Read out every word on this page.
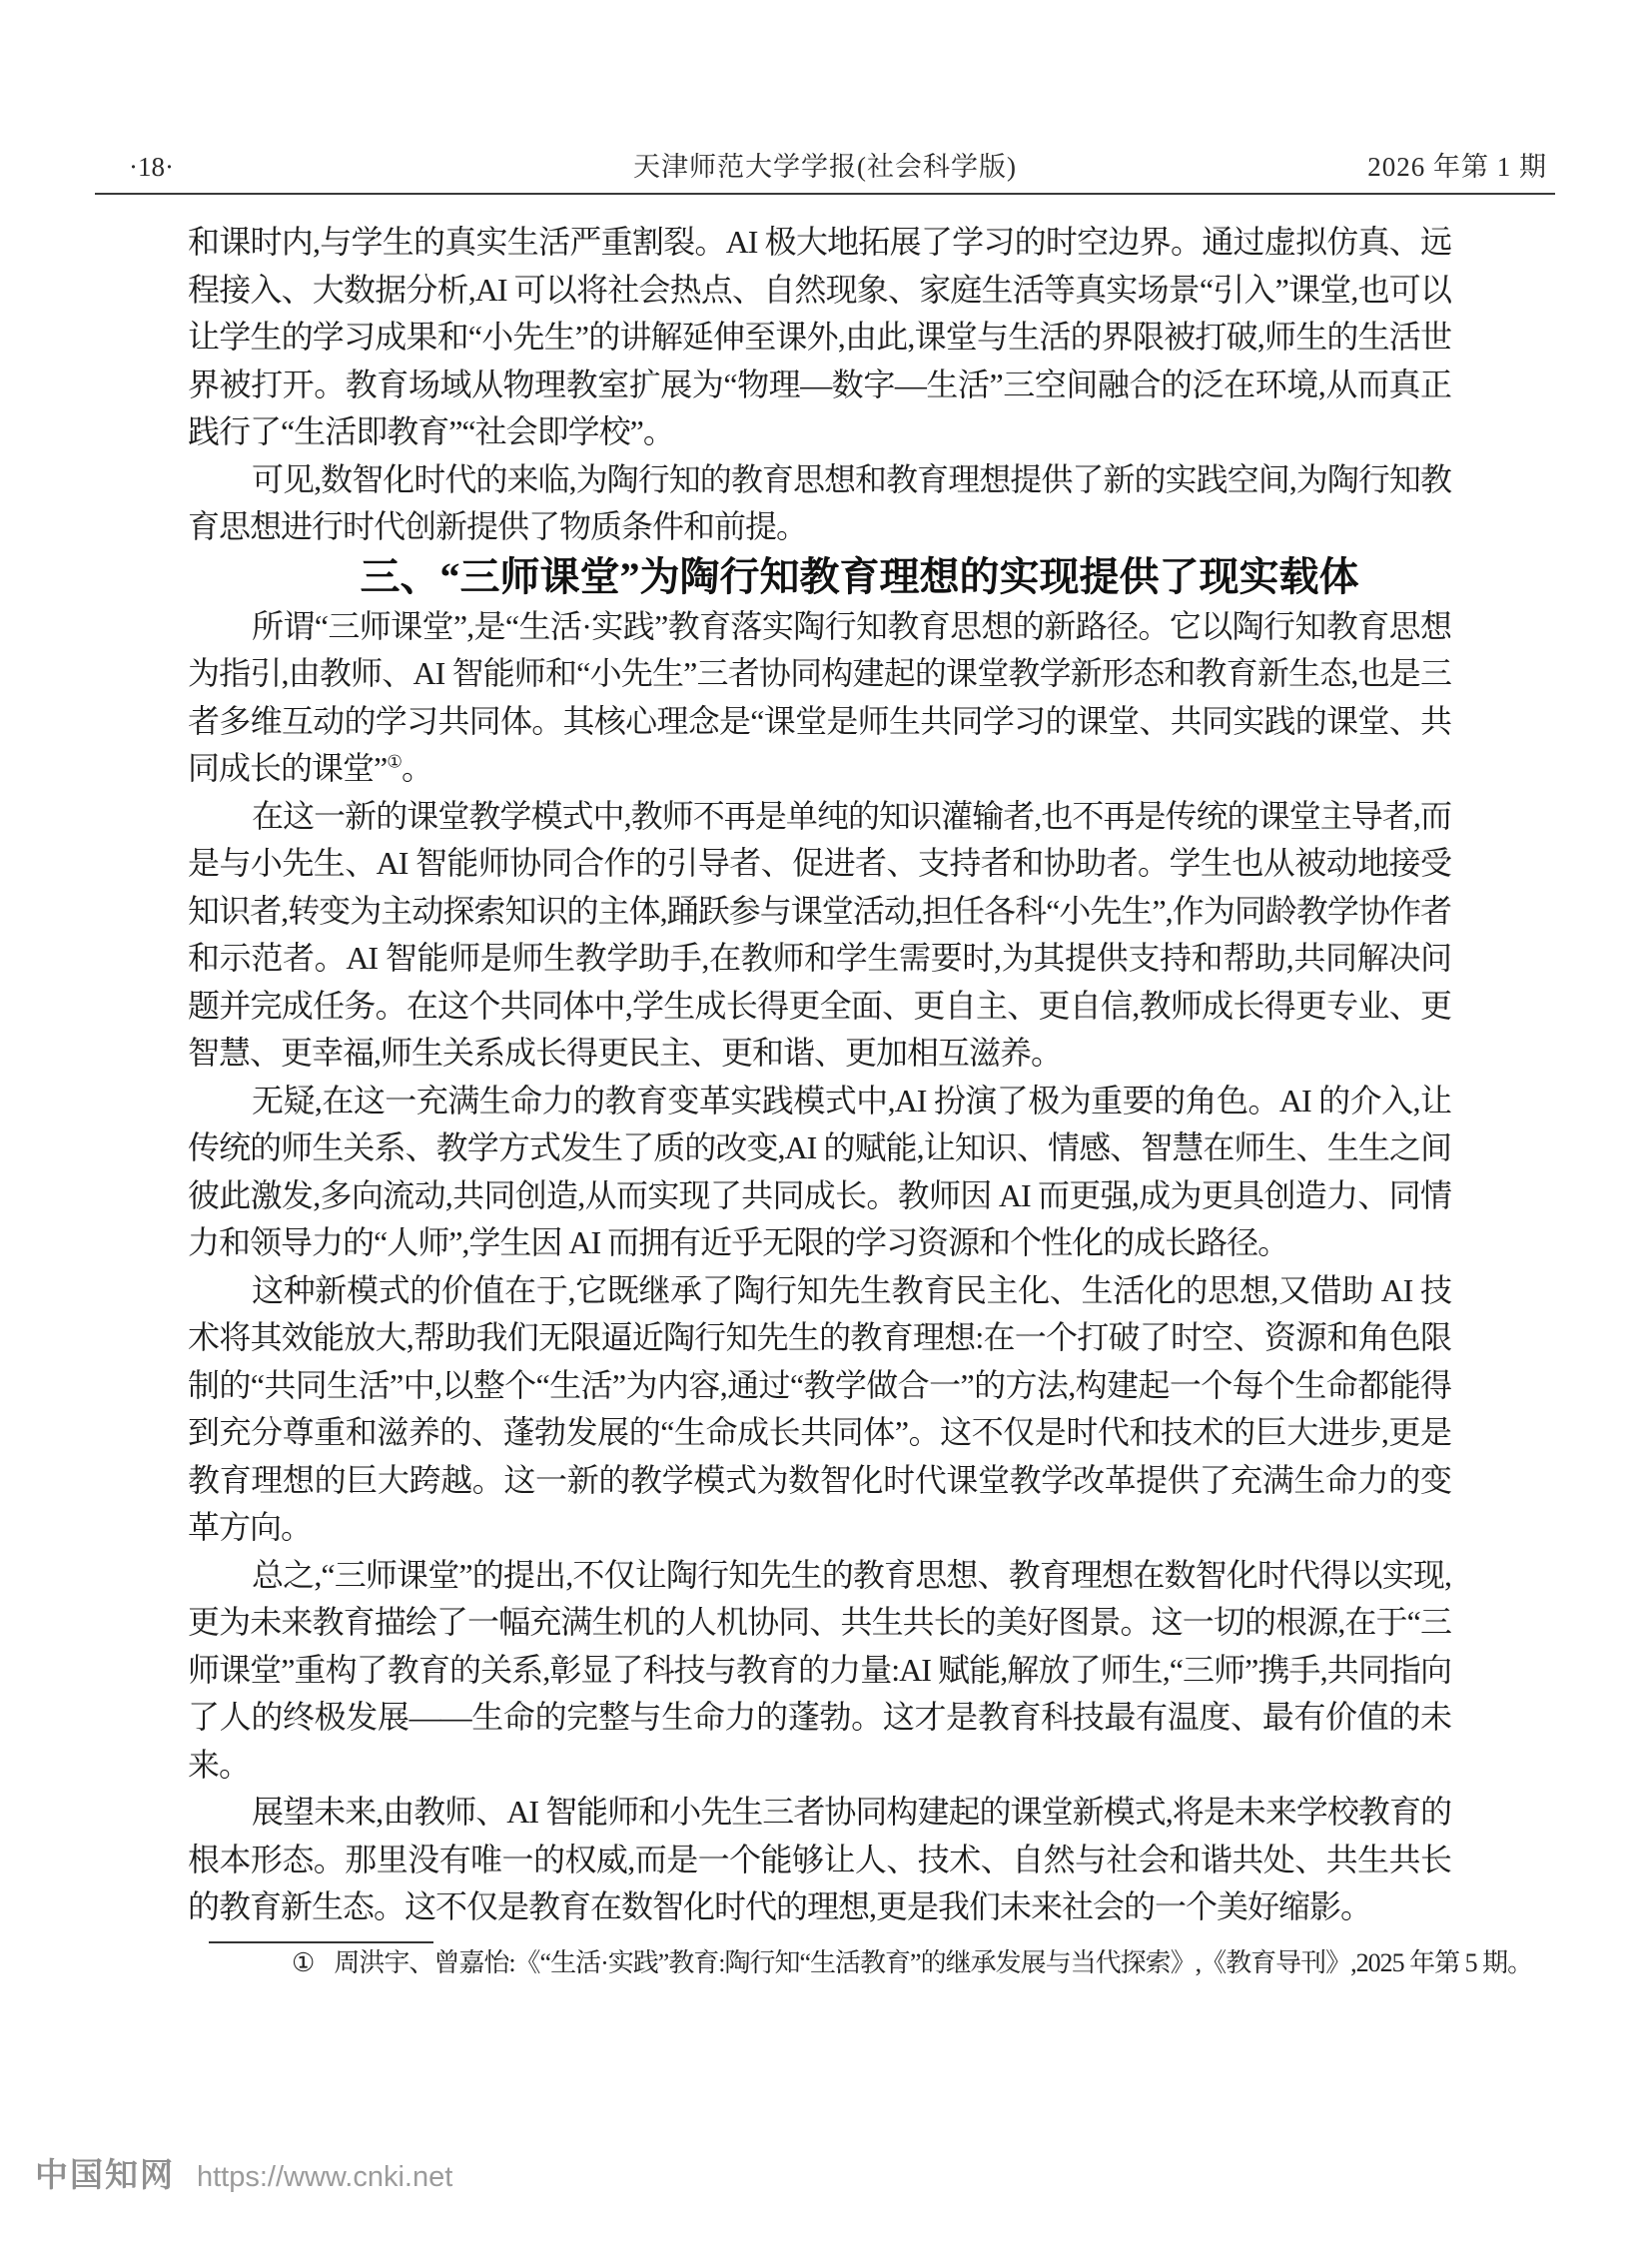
·18·	天津师范大学学报(社会科学版)	2026 年第 1 期

和课时内,与学生的真实生活严重割裂。AI 极大地拓展了学习的时空边界。通过虚拟仿真、远程接入、大数据分析,AI 可以将社会热点、自然现象、家庭生活等真实场景“引入”课堂,也可以让学生的学习成果和“小先生”的讲解延伸至课外,由此,课堂与生活的界限被打破,师生的生活世界被打开。教育场域从物理教室扩展为“物理—数字—生活”三空间融合的泛在环境,从而真正践行了“生活即教育”“社会即学校”。

可见,数智化时代的来临,为陶行知的教育思想和教育理想提供了新的实践空间,为陶行知教育思想进行时代创新提供了物质条件和前提。

三、“三师课堂”为陶行知教育理想的实现提供了现实载体

所谓“三师课堂”,是“生活·实践”教育落实陶行知教育思想的新路径。它以陶行知教育思想为指引,由教师、AI 智能师和“小先生”三者协同构建起的课堂教学新形态和教育新生态,也是三者多维互动的学习共同体。其核心理念是“课堂是师生共同学习的课堂、共同实践的课堂、共同成长的课堂”①。

在这一新的课堂教学模式中,教师不再是单纯的知识灌输者,也不再是传统的课堂主导者,而是与小先生、AI 智能师协同合作的引导者、促进者、支持者和协助者。学生也从被动地接受知识者,转变为主动探索知识的主体,踊跃参与课堂活动,担任各科“小先生”,作为同龄教学协作者和示范者。AI 智能师是师生教学助手,在教师和学生需要时,为其提供支持和帮助,共同解决问题并完成任务。在这个共同体中,学生成长得更全面、更自主、更自信,教师成长得更专业、更智慧、更幸福,师生关系成长得更民主、更和谐、更加相互滋养。

无疑,在这一充满生命力的教育变革实践模式中,AI 扮演了极为重要的角色。AI 的介入,让传统的师生关系、教学方式发生了质的改变,AI 的赋能,让知识、情感、智慧在师生、生生之间彼此激发,多向流动,共同创造,从而实现了共同成长。教师因 AI 而更强,成为更具创造力、同情力和领导力的“人师”,学生因 AI 而拥有近乎无限的学习资源和个性化的成长路径。

这种新模式的价值在于,它既继承了陶行知先生教育民主化、生活化的思想,又借助 AI 技术将其效能放大,帮助我们无限逼近陶行知先生的教育理想:在一个打破了时空、资源和角色限制的“共同生活”中,以整个“生活”为内容,通过“教学做合一”的方法,构建起一个每个生命都能得到充分尊重和滋养的、蓬勃发展的“生命成长共同体”。这不仅是时代和技术的巨大进步,更是教育理想的巨大跨越。这一新的教学模式为数智化时代课堂教学改革提供了充满生命力的变革方向。

总之,“三师课堂”的提出,不仅让陶行知先生的教育思想、教育理想在数智化时代得以实现,更为未来教育描绘了一幅充满生机的人机协同、共生共长的美好图景。这一切的根源,在于“三师课堂”重构了教育的关系,彰显了科技与教育的力量:AI 赋能,解放了师生,“三师”携手,共同指向了人的终极发展——生命的完整与生命力的蓬勃。这才是教育科技最有温度、最有价值的未来。

展望未来,由教师、AI 智能师和小先生三者协同构建起的课堂新模式,将是未来学校教育的根本形态。那里没有唯一的权威,而是一个能够让人、技术、自然与社会和谐共处、共生共长的教育新生态。这不仅是教育在数智化时代的理想,更是我们未来社会的一个美好缩影。

① 周洪宇、曾嘉怡:《“生活·实践”教育:陶行知“生活教育”的继承发展与当代探索》,《教育导刊》,2025 年第 5 期。

中国知网 https://www.cnki.net
